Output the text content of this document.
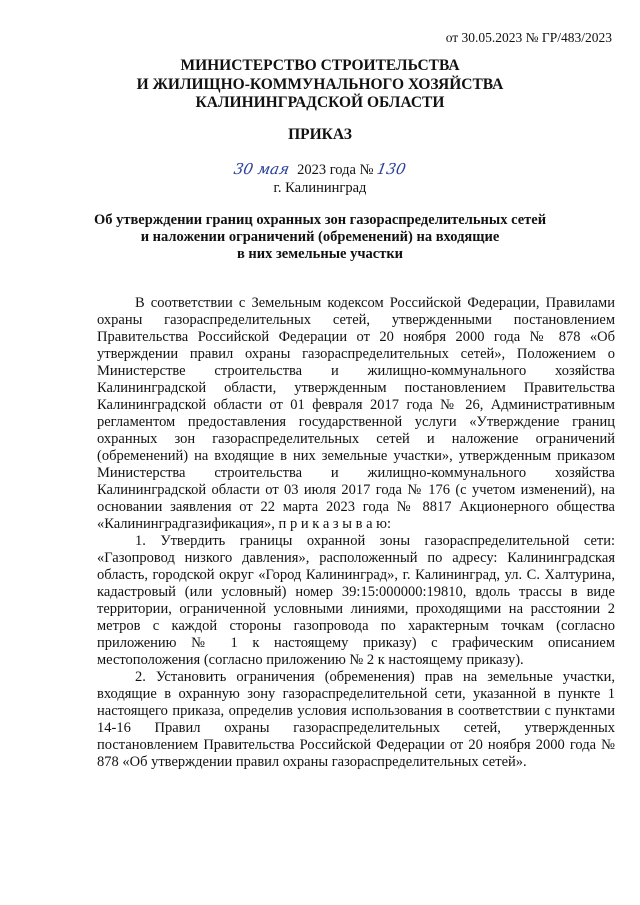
от 30.05.2023 № ГР/483/2023
МИНИСТЕРСТВО СТРОИТЕЛЬСТВА
И ЖИЛИЩНО-КОММУНАЛЬНОГО ХОЗЯЙСТВА
КАЛИНИНГРАДСКОЙ ОБЛАСТИ
ПРИКАЗ
30 мая 2023 года № 130
г. Калининград
Об утверждении границ охранных зон газораспределительных сетей
и наложении ограничений (обременений) на входящие
в них земельные участки

В соответствии с Земельным кодексом Российской Федерации, Правилами охраны газораспределительных сетей, утвержденными постановлением Правительства Российской Федерации от 20 ноября 2000 года № 878 «Об утверждении правил охраны газораспределительных сетей», Положением о Министерстве строительства и жилищно-коммунального хозяйства Калининградской области, утвержденным постановлением Правительства Калининградской области от 01 февраля 2017 года № 26, Административным регламентом предоставления государственной услуги «Утверждение границ охранных зон газораспределительных сетей и наложение ограничений (обременений) на входящие в них земельные участки», утвержденным приказом Министерства строительства и жилищно-коммунального хозяйства Калининградской области от 03 июля 2017 года № 176 (с учетом изменений), на основании заявления от 22 марта 2023 года № 8817 Акционерного общества «Калининградгазификация», п р и к а з ы в а ю:

1. Утвердить границы охранной зоны газораспределительной сети: «Газопровод низкого давления», расположенный по адресу: Калининградская область, городской округ «Город Калининград», г. Калининград, ул. С. Халтурина, кадастровый (или условный) номер 39:15:000000:19810, вдоль трассы в виде территории, ограниченной условными линиями, проходящими на расстоянии 2 метров с каждой стороны газопровода по характерным точкам (согласно приложению № 1 к настоящему приказу) с графическим описанием местоположения (согласно приложению № 2 к настоящему приказу).

2. Установить ограничения (обременения) прав на земельные участки, входящие в охранную зону газораспределительной сети, указанной в пункте 1 настоящего приказа, определив условия использования в соответствии с пунктами 14-16 Правил охраны газораспределительных сетей, утвержденных постановлением Правительства Российской Федерации от 20 ноября 2000 года № 878 «Об утверждении правил охраны газораспределительных сетей».
